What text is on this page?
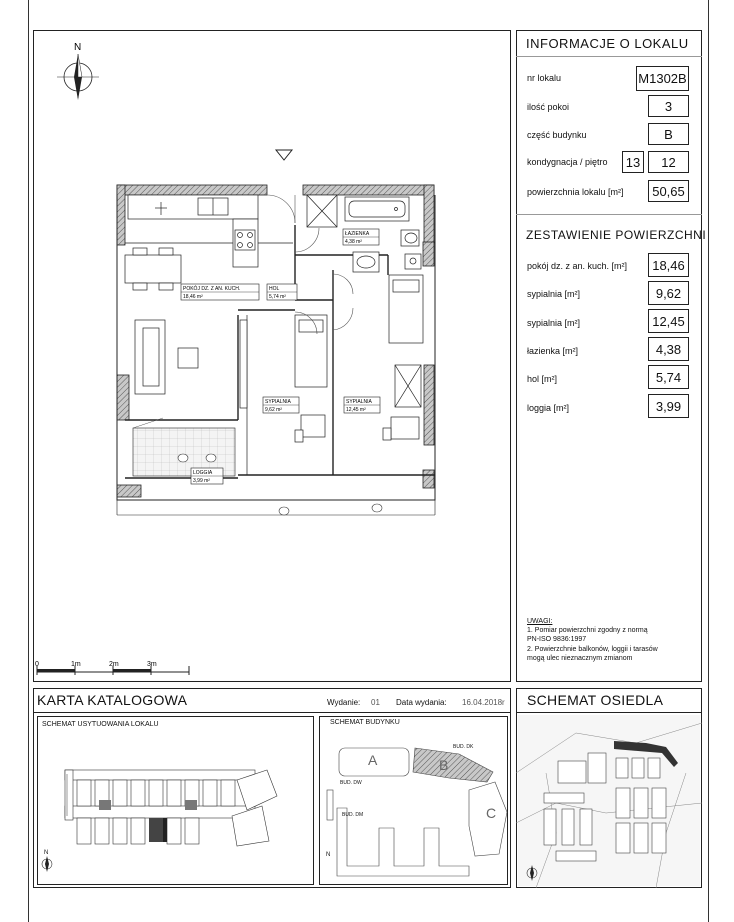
INFORMACJE O LOKALU
nr lokalu	M1302B
ilość pokoi	3
część budynku	B
kondygnacja / piętro 13	12
powierzchnia lokalu [m²]	50,65
ZESTAWIENIE POWIERZCHNI
pokój dz. z an. kuch. [m²]	18,46
sypialnia [m²]	9,62
sypialnia [m²]	12,45
łazienka [m²]	4,38
hol [m²]	5,74
loggia [m²]	3,99
UWAGI:
1. Pomiar powierzchni zgodny z normą
PN-ISO 9836:1997
2. Powierzchnie balkonów, loggii i tarasów
mogą ulec nieznacznym zmianom
N
POKÓJ DZ. Z AN. KUCH.
18,46 m²
HOL
5,74 m²
ŁAZIENKA
4,38 m²
SYPIALNIA
9,62 m²
SYPIALNIA
12,45 m²
LOGGIA
3,99 m²
0	1m	2m	3m
KARTA KATALOGOWA	Wydanie: 01 Data wydania: 16.04.2018r
SCHEMAT USYTUOWANIA LOKALU
N
SCHEMAT BUDYNKU
A	B
C
BUD. DK
BUD. DW
BUD. DM
N
SCHEMAT OSIEDLA
